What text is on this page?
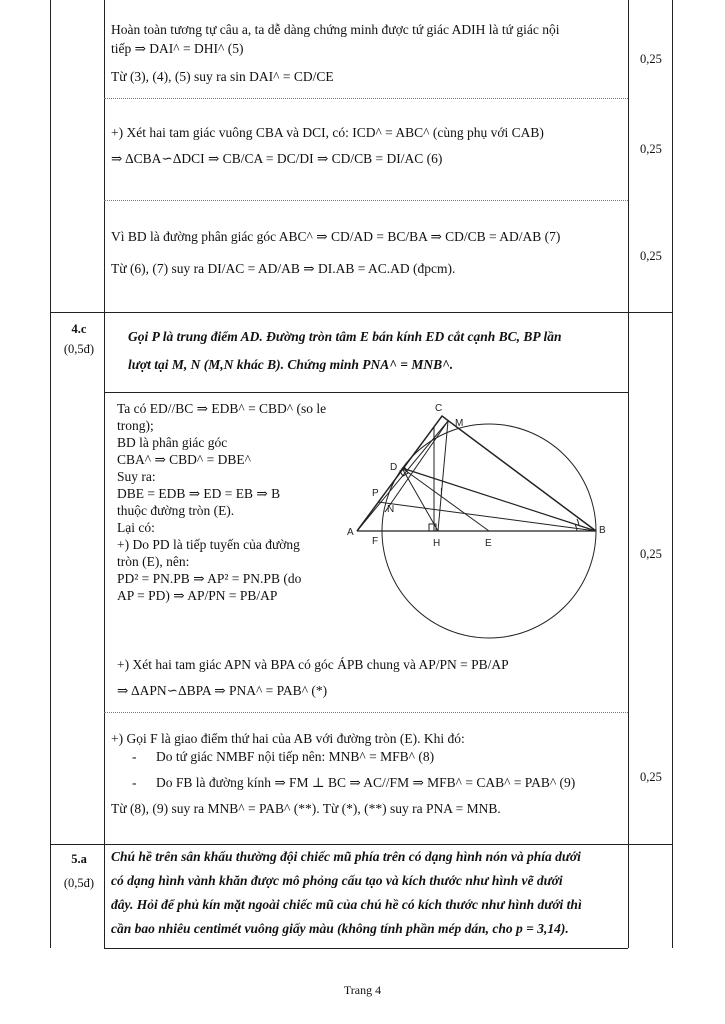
Hoàn toàn tương tự câu a, ta dễ dàng chứng minh được tứ giác ADIH là tứ giác nội
tiếp ⇒ DAI^ = DHI^ (5)
Từ (3), (4), (5) suy ra sin DAI^ = CD/CE
0,25
+) Xét hai tam giác vuông CBA và DCI, có: ICD^ = ABC^ (cùng phụ với CAB)
⇒ ΔCBA∽ΔDCI ⇒ CB/CA = DC/DI ⇒ CD/CB = DI/AC (6)
0,25
Vì BD là đường phân giác góc ABC^ ⇒ CD/AD = BC/BA ⇒ CD/CB = AD/AB (7)
Từ (6), (7) suy ra DI/AC = AD/AB ⇒ DI.AB = AC.AD (đpcm).
0,25
4.c
(0,5đ)
Gọi P là trung điểm AD. Đường tròn tâm E bán kính ED cắt cạnh BC, BP lần
lượt tại M, N (M,N khác B). Chứng minh PNA^ = MNB^.
Ta có ED//BC ⇒ EDB^ = CBD^ (so le
trong);
BD là phân giác góc
CBA^ ⇒ CBD^ = DBE^
Suy ra:
DBE = EDB ⇒ ED = EB ⇒ B
thuộc đường tròn (E).
Lại có:
+) Do PD là tiếp tuyến của đường
tròn (E), nên:
PD² = PN.PB ⇒ AP² = PN.PB (do
AP = PD) ⇒ AP/PN = PB/AP
C
M
D
P	I
N
A
F	H	E
B
+) Xét hai tam giác APN và BPA có góc ÁPB chung và AP/PN = PB/AP
⇒ ΔAPN∽ΔBPA ⇒ PNA^ = PAB^ (*)
0,25
+) Gọi F là giao điểm thứ hai của AB với đường tròn (E). Khi đó:
- Do tứ giác NMBF nội tiếp nên: MNB^ = MFB^ (8)
- Do FB là đường kính ⇒ FM ⊥ BC ⇒ AC//FM ⇒ MFB^ = CAB^ = PAB^ (9)
Từ (8), (9) suy ra MNB^ = PAB^ (**). Từ (*), (**) suy ra PNA = MNB.
0,25
5.a
(0,5đ)
Chú hề trên sân khấu thường đội chiếc mũ phía trên có dạng hình nón và phía dưới
có dạng hình vành khăn được mô phỏng cấu tạo và kích thước như hình vẽ dưới
đây. Hỏi để phủ kín mặt ngoài chiếc mũ của chú hề có kích thước như hình dưới thì
cần bao nhiêu centimét vuông giấy màu (không tính phần mép dán, cho p = 3,14).
Trang 4
